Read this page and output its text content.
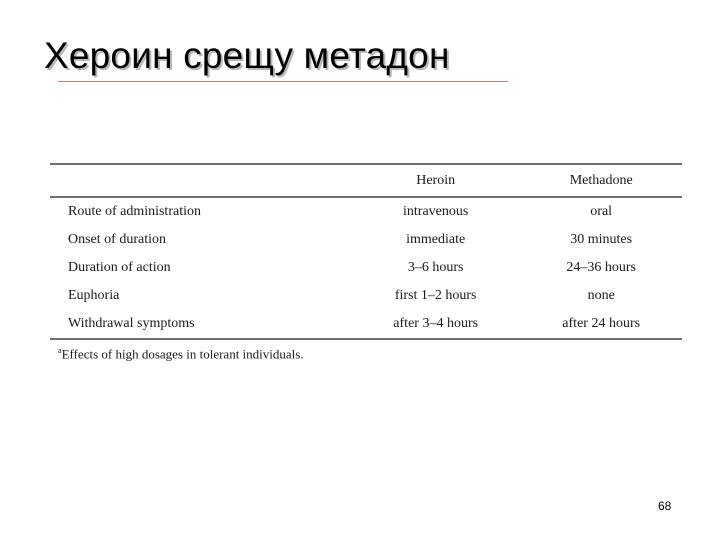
Хероин срещу метадон
	Heroin	Methadone
Route of administration	intravenous	oral
Onset of duration	immediate	30 minutes
Duration of action	3–6 hours	24–36 hours
Euphoria	first 1–2 hours	none
Withdrawal symptoms	after 3–4 hours	after 24 hours
$^a$Effects of high dosages in tolerant individuals.
68
